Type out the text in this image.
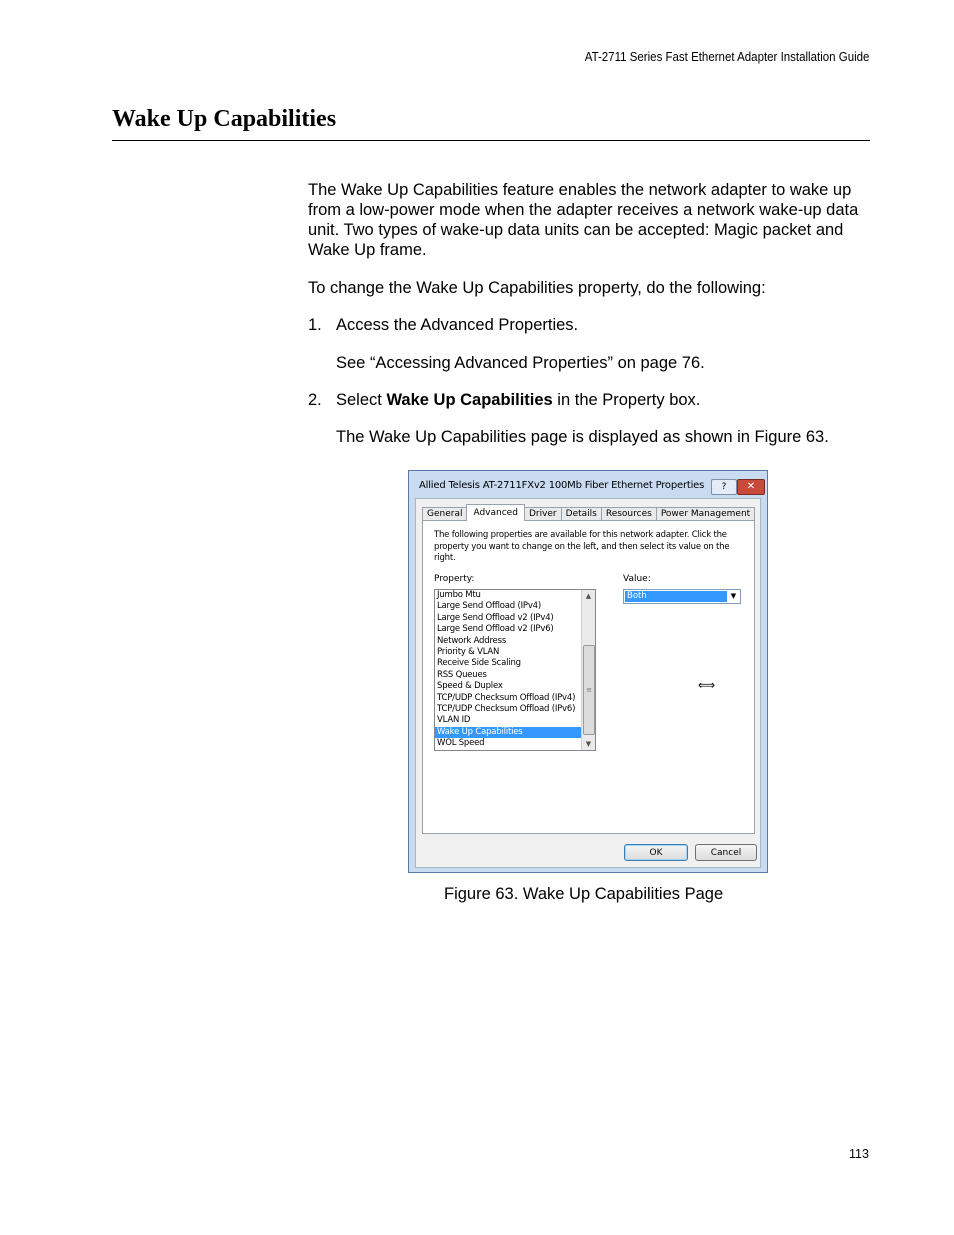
AT-2711 Series Fast Ethernet Adapter Installation Guide
Wake Up Capabilities
The Wake Up Capabilities feature enables the network adapter to wake up from a low-power mode when the adapter receives a network wake-up data unit. Two types of wake-up data units can be accepted: Magic packet and Wake Up frame.
To change the Wake Up Capabilities property, do the following:
1. Access the Advanced Properties.
See “Accessing Advanced Properties” on page 76.
2. Select Wake Up Capabilities in the Property box.
The Wake Up Capabilities page is displayed as shown in Figure 63.
Allied Telesis AT-2711FXv2 100Mb Fiber Ethernet Properties	?	✕
General	Advanced	Driver	Details	Resources	Power Management
The following properties are available for this network adapter. Click the property you want to change on the left, and then select its value on the right.
Property:	Value:
Jumbo Mtu
Large Send Offload (IPv4)
Large Send Offload v2 (IPv4)
Large Send Offload v2 (IPv6)
Network Address
Priority & VLAN
Receive Side Scaling
RSS Queues
Speed & Duplex
TCP/UDP Checksum Offload (IPv4)
TCP/UDP Checksum Offload (IPv6)
VLAN ID
Wake Up Capabilities
WOL Speed
▲
≡
▼
Both	▼
⟺
OK	Cancel
Figure 63. Wake Up Capabilities Page
113
